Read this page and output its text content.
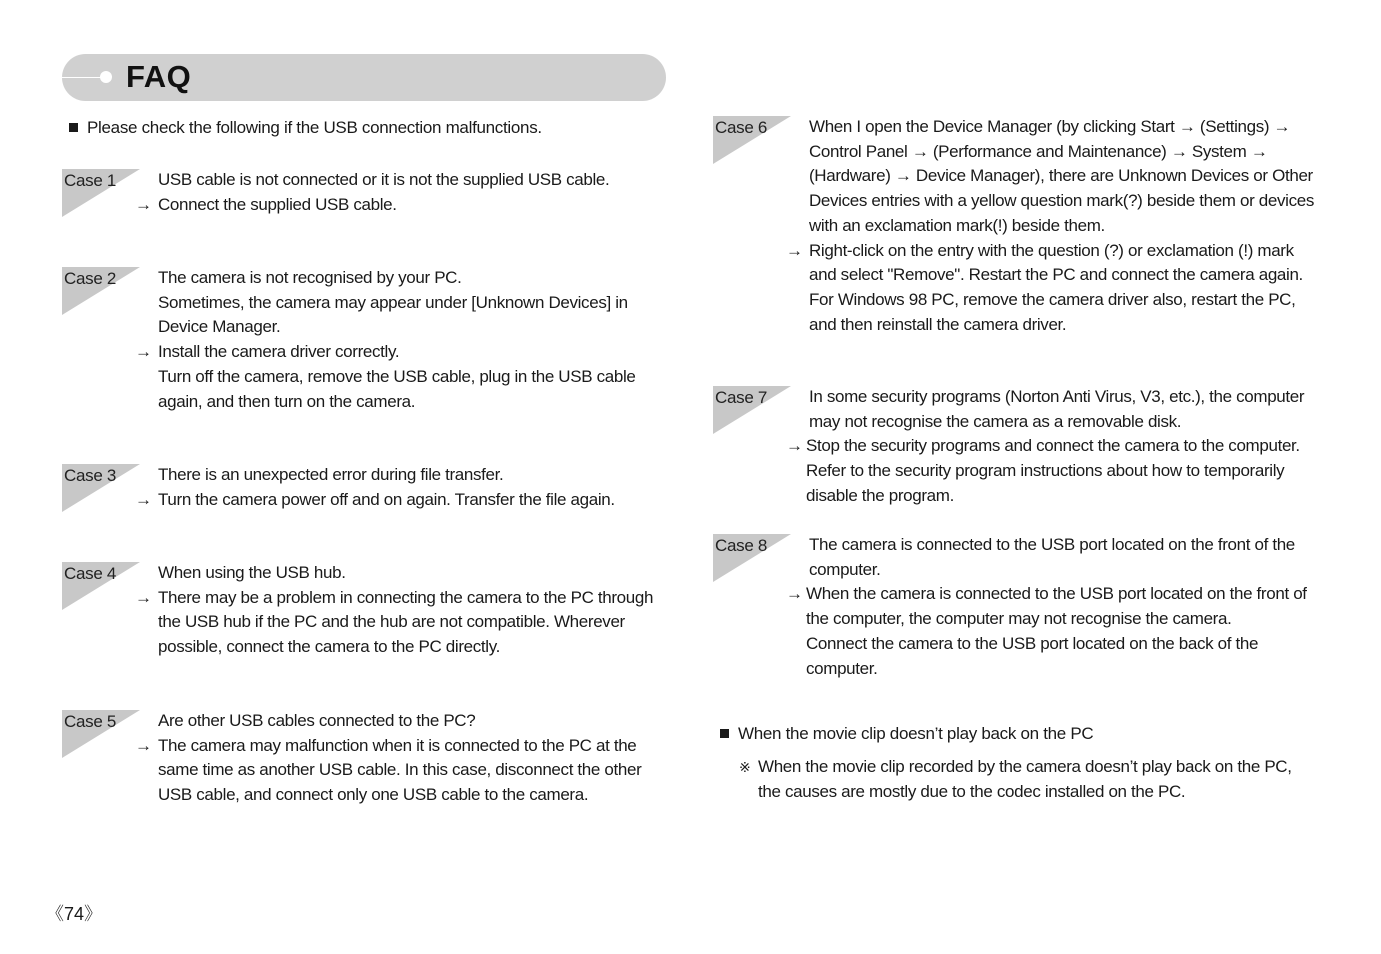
FAQ
Please check the following if the USB connection malfunctions.
Case 1 USB cable is not connected or it is not the supplied USB cable.
→ Connect the supplied USB cable.
Case 2 The camera is not recognised by your PC.
Sometimes, the camera may appear under [Unknown Devices] in
Device Manager.
→ Install the camera driver correctly.
Turn off the camera, remove the USB cable, plug in the USB cable
again, and then turn on the camera.
Case 3 There is an unexpected error during file transfer.
→ Turn the camera power off and on again. Transfer the file again.
Case 4 When using the USB hub.
→ There may be a problem in connecting the camera to the PC through
the USB hub if the PC and the hub are not compatible. Wherever
possible, connect the camera to the PC directly.
Case 5 Are other USB cables connected to the PC?
→ The camera may malfunction when it is connected to the PC at the
same time as another USB cable. In this case, disconnect the other
USB cable, and connect only one USB cable to the camera.
Case 6 When I open the Device Manager (by clicking Start → (Settings) →
Control Panel → (Performance and Maintenance) → System →
(Hardware) → Device Manager), there are Unknown Devices or Other
Devices entries with a yellow question mark(?) beside them or devices
with an exclamation mark(!) beside them.
→ Right-click on the entry with the question (?) or exclamation (!) mark
and select "Remove". Restart the PC and connect the camera again.
For Windows 98 PC, remove the camera driver also, restart the PC,
and then reinstall the camera driver.
Case 7 In some security programs (Norton Anti Virus, V3, etc.), the computer
may not recognise the camera as a removable disk.
→ Stop the security programs and connect the camera to the computer.
Refer to the security program instructions about how to temporarily
disable the program.
Case 8 The camera is connected to the USB port located on the front of the
computer.
→ When the camera is connected to the USB port located on the front of
the computer, the computer may not recognise the camera.
Connect the camera to the USB port located on the back of the
computer.
When the movie clip doesn’t play back on the PC
※ When the movie clip recorded by the camera doesn’t play back on the PC,
the causes are mostly due to the codec installed on the PC.
《74》
